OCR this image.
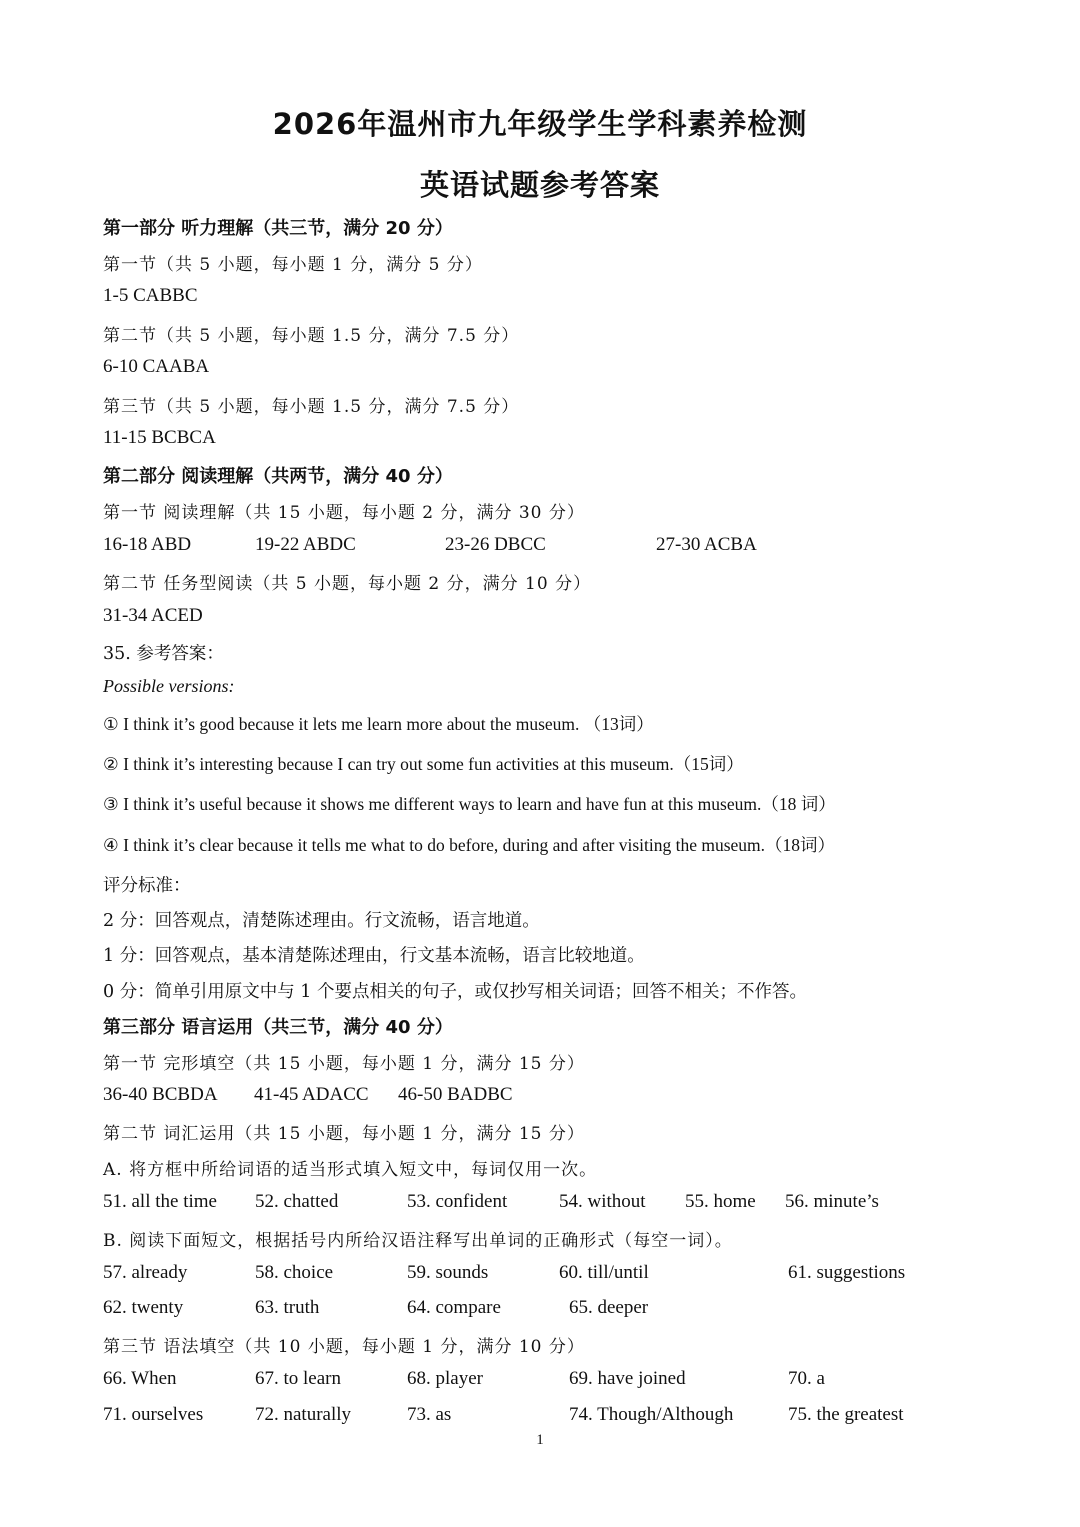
2026年温州市九年级学生学科素养检测
英语试题参考答案
第一部分 听力理解（共三节，满分 20 分）
第一节（共 5 小题，每小题 1 分，满分 5 分）
1-5 CABBC
第二节（共 5 小题，每小题 1.5 分，满分 7.5 分）
6-10 CAABA
第三节（共 5 小题，每小题 1.5 分，满分 7.5 分）
11-15 BCBCA
第二部分 阅读理解（共两节，满分 40 分）
第一节 阅读理解（共 15 小题，每小题 2 分，满分 30 分）
16-18 ABD	19-22 ABDC	23-26 DBCC	27-30 ACBA
第二节 任务型阅读（共 5 小题，每小题 2 分，满分 10 分）
31-34 ACED
35. 参考答案：
Possible versions:
① I think it’s good because it lets me learn more about the museum. （13词）
② I think it’s interesting because I can try out some fun activities at this museum.（15词）
③ I think it’s useful because it shows me different ways to learn and have fun at this museum.（18 词）
④ I think it’s clear because it tells me what to do before, during and after visiting the museum.（18词）
评分标准：
2 分：回答观点，清楚陈述理由。行文流畅，语言地道。
1 分：回答观点，基本清楚陈述理由，行文基本流畅，语言比较地道。
0 分：简单引用原文中与 1 个要点相关的句子，或仅抄写相关词语；回答不相关；不作答。
第三部分 语言运用（共三节，满分 40 分）
第一节 完形填空（共 15 小题，每小题 1 分，满分 15 分）
36-40 BCBDA 41-45 ADACC 46-50 BADBC
第二节 词汇运用（共 15 小题，每小题 1 分，满分 15 分）
A. 将方框中所给词语的适当形式填入短文中，每词仅用一次。
51. all the time 52. chatted	53. confident	54. without 55. home 56. minute’s
B. 阅读下面短文，根据括号内所给汉语注释写出单词的正确形式（每空一词）。
57. already	58. choice	59. sounds	60. till/until	61. suggestions
62. twenty	63. truth	64. compare	65. deeper
第三节 语法填空（共 10 小题，每小题 1 分，满分 10 分）
66. When	67. to learn	68. player	69. have joined	70. a
71. ourselves	72. naturally	73. as	74. Though/Although	75. the greatest
1
